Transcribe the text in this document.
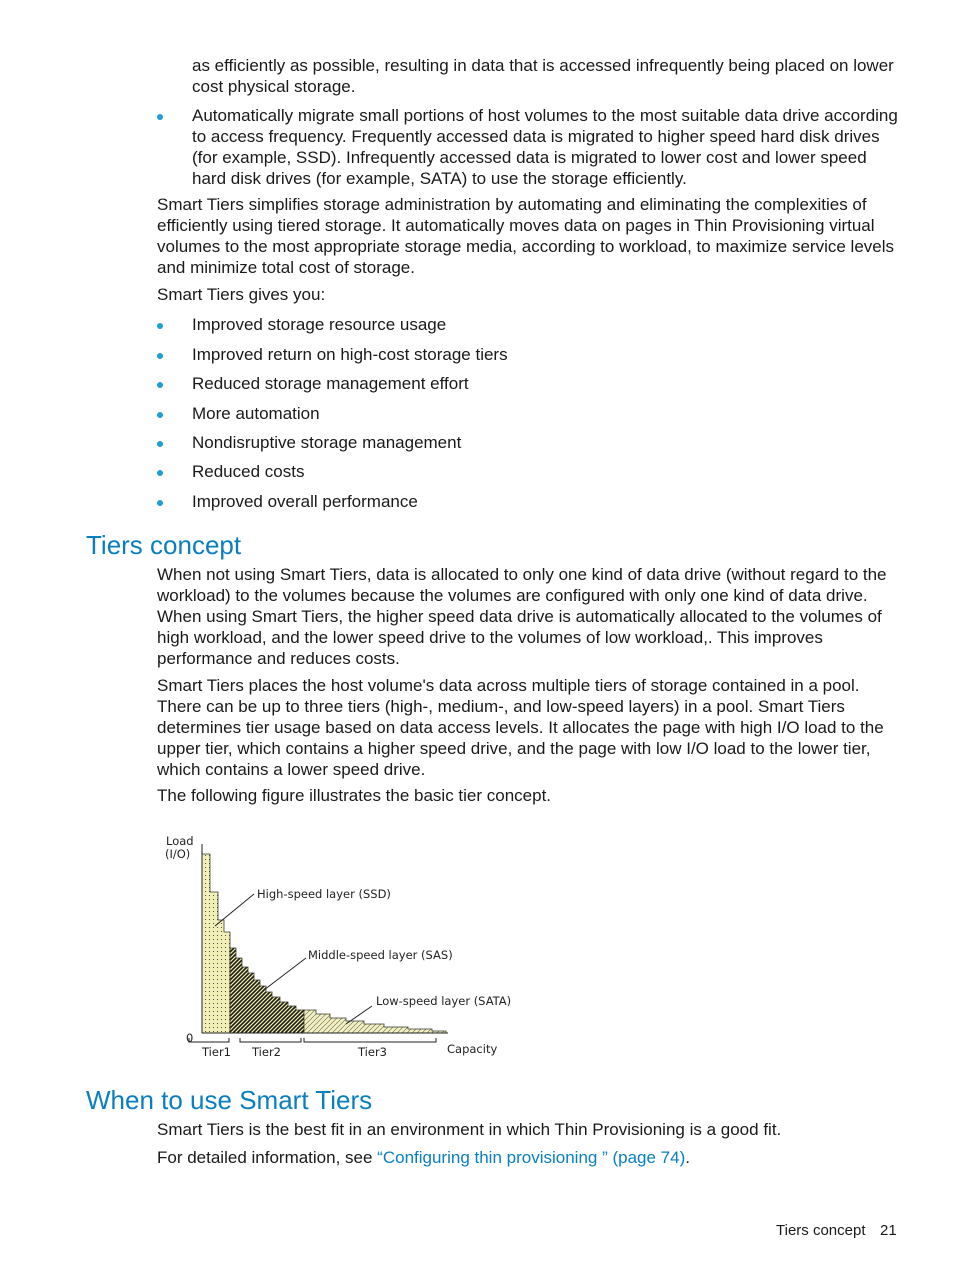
as efficiently as possible, resulting in data that is accessed infrequently being placed on lower cost physical storage.

Automatically migrate small portions of host volumes to the most suitable data drive according to access frequency. Frequently accessed data is migrated to higher speed hard disk drives (for example, SSD). Infrequently accessed data is migrated to lower cost and lower speed hard disk drives (for example, SATA) to use the storage efficiently.

Smart Tiers simplifies storage administration by automating and eliminating the complexities of efficiently using tiered storage. It automatically moves data on pages in Thin Provisioning virtual volumes to the most appropriate storage media, according to workload, to maximize service levels and minimize total cost of storage.

Smart Tiers gives you:

Improved storage resource usage

Improved return on high-cost storage tiers

Reduced storage management effort

More automation

Nondisruptive storage management

Reduced costs

Improved overall performance

Tiers concept

When not using Smart Tiers, data is allocated to only one kind of data drive (without regard to the workload) to the volumes because the volumes are configured with only one kind of data drive. When using Smart Tiers, the higher speed data drive is automatically allocated to the volumes of high workload, and the lower speed drive to the volumes of low workload,. This improves performance and reduces costs.

Smart Tiers places the host volume's data across multiple tiers of storage contained in a pool. There can be up to three tiers (high-, medium-, and low-speed layers) in a pool. Smart Tiers determines tier usage based on data access levels. It allocates the page with high I/O load to the upper tier, which contains a higher speed drive, and the page with low I/O load to the lower tier, which contains a lower speed drive.

The following figure illustrates the basic tier concept.

Load
(I/O)
0
Capacity
High-speed layer (SSD)
Middle-speed layer (SAS)
Low-speed layer (SATA)
Tier1 Tier2	Tier3
When to use Smart Tiers

Smart Tiers is the best fit in an environment in which Thin Provisioning is a good fit.

For detailed information, see “Configuring thin provisioning ” (page 74).

Tiers concept 21
